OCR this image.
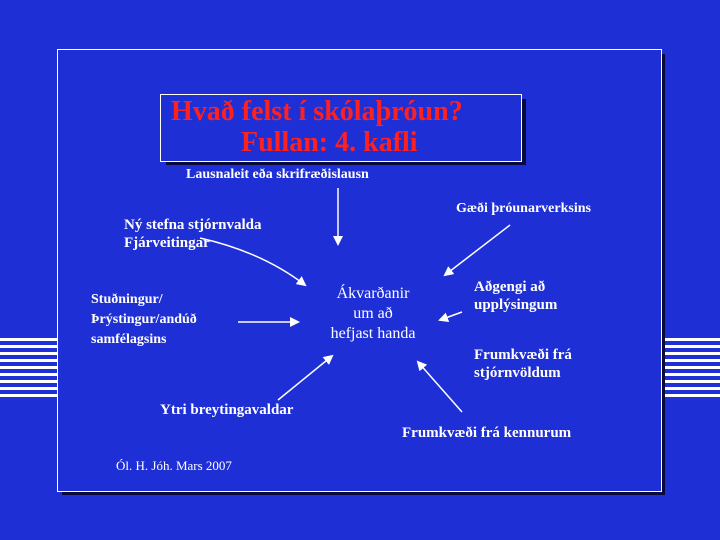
Hvað felst í skólaþróun?
Fullan: 4. kafli
Lausnaleit eða skrifræðislausn
Ný stefna stjórnvalda
Fjárveitingar
Stuðningur/
Þrýstingur/andúð
samfélagsins
Ákvarðanir
um að
hefjast handa
Gæði þróunarverksins
Aðgengi að
upplýsingum
Frumkvæði frá
stjórnvöldum
Ytri breytingavaldar
Frumkvæði frá kennurum
Ól. H. Jóh. Mars 2007
